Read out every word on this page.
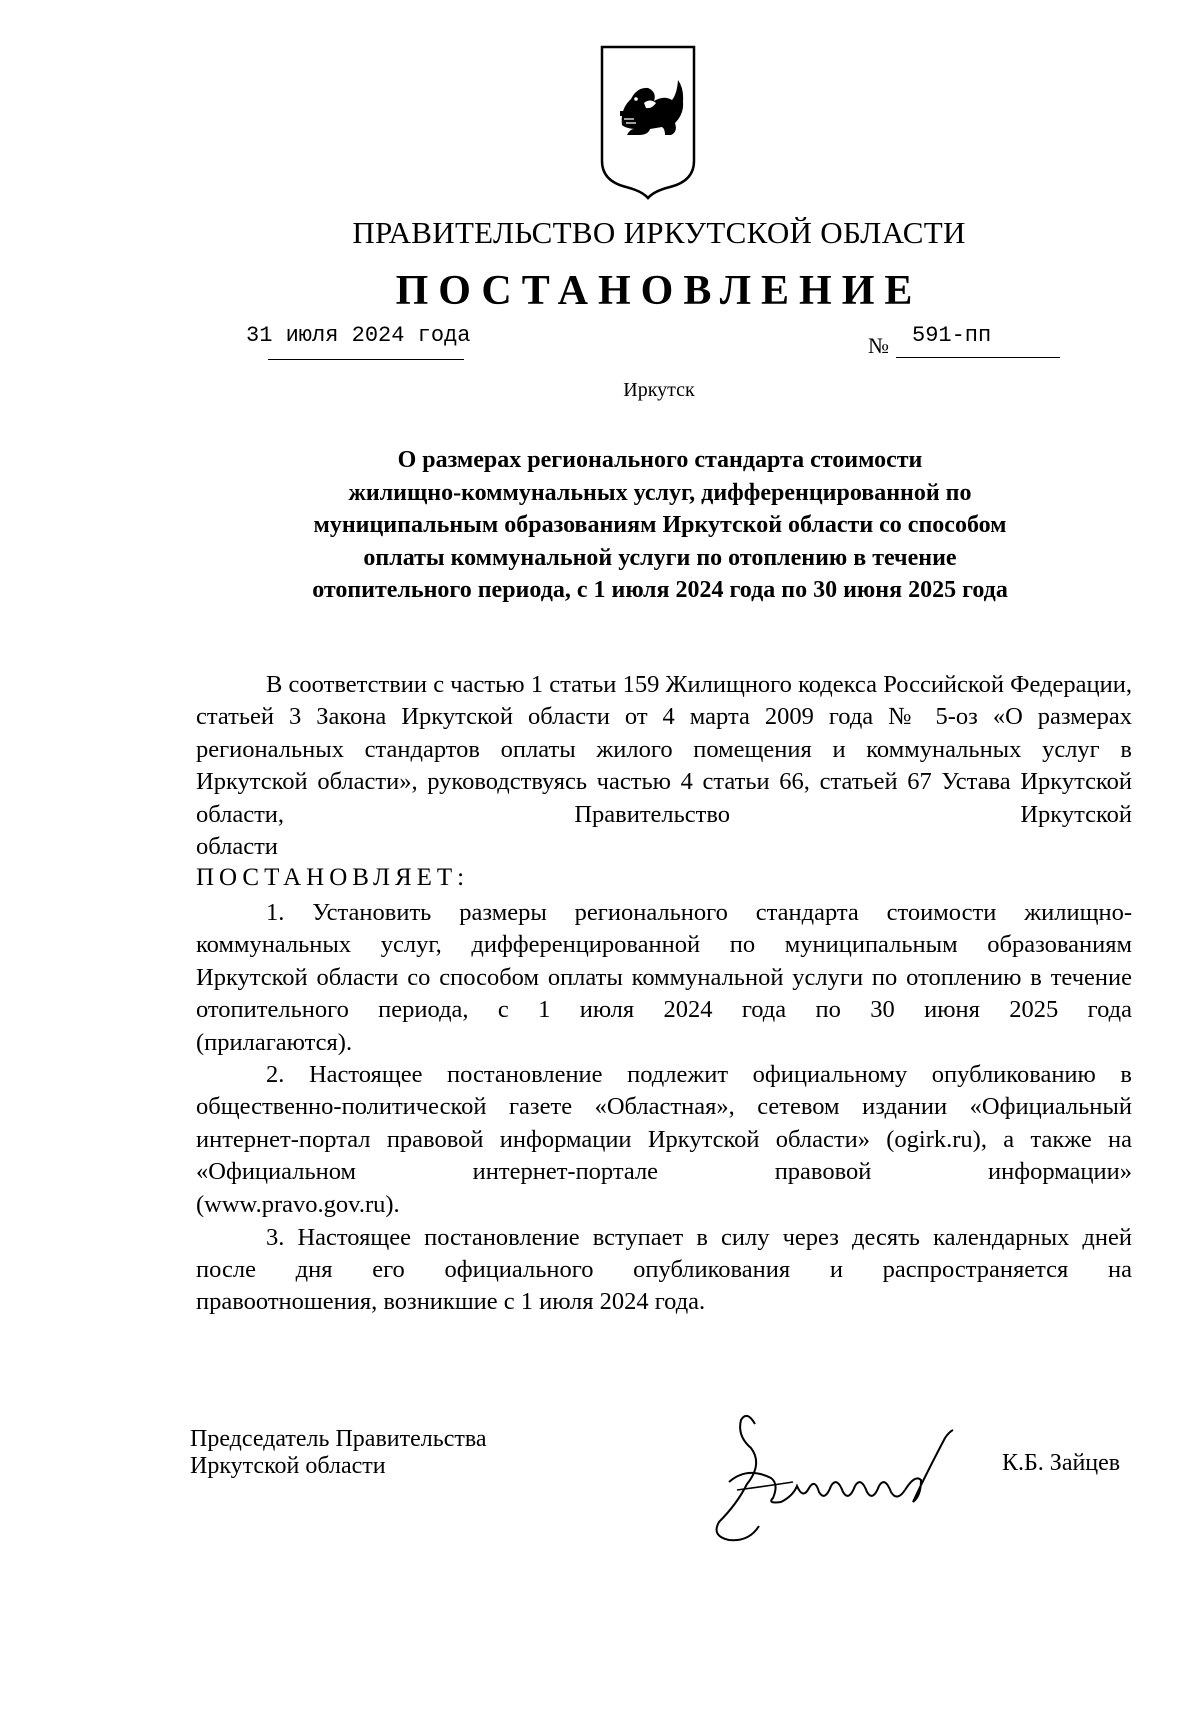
ПРАВИТЕЛЬСТВО ИРКУТСКОЙ ОБЛАСТИ
ПОСТАНОВЛЕНИЕ
31 июля 2024 года	№ 591-пп
Иркутск
О размерах регионального стандарта стоимости
жилищно-коммунальных услуг, дифференцированной по
муниципальным образованиям Иркутской области со способом
оплаты коммунальной услуги по отоплению в течение
отопительного периода, с 1 июля 2024 года по 30 июня 2025 года
В соответствии с частью 1 статьи 159 Жилищного кодекса Российской Федерации, статьей 3 Закона Иркутской области от 4 марта 2009 года № 5-оз «О размерах региональных стандартов оплаты жилого помещения и коммунальных услуг в Иркутской области», руководствуясь частью 4 статьи 66, статьей 67 Устава Иркутской области, Правительство Иркутской
области
ПОСТАНОВЛЯЕТ:
1. Установить размеры регионального стандарта стоимости жилищно-коммунальных услуг, дифференцированной по муниципальным образованиям Иркутской области со способом оплаты коммунальной услуги по отоплению в течение отопительного периода, с 1 июля 2024 года по 30 июня 2025 года
(прилагаются).
2. Настоящее постановление подлежит официальному опубликованию в общественно-политической газете «Областная», сетевом издании «Официальный интернет-портал правовой информации Иркутской области» (ogirk.ru), а также на «Официальном интернет-портале правовой информации»
(www.pravo.gov.ru).
3. Настоящее постановление вступает в силу через десять календарных дней после дня его официального опубликования и распространяется на
правоотношения, возникшие с 1 июля 2024 года.
Председатель Правительства
Иркутской области	К.Б. Зайцев
